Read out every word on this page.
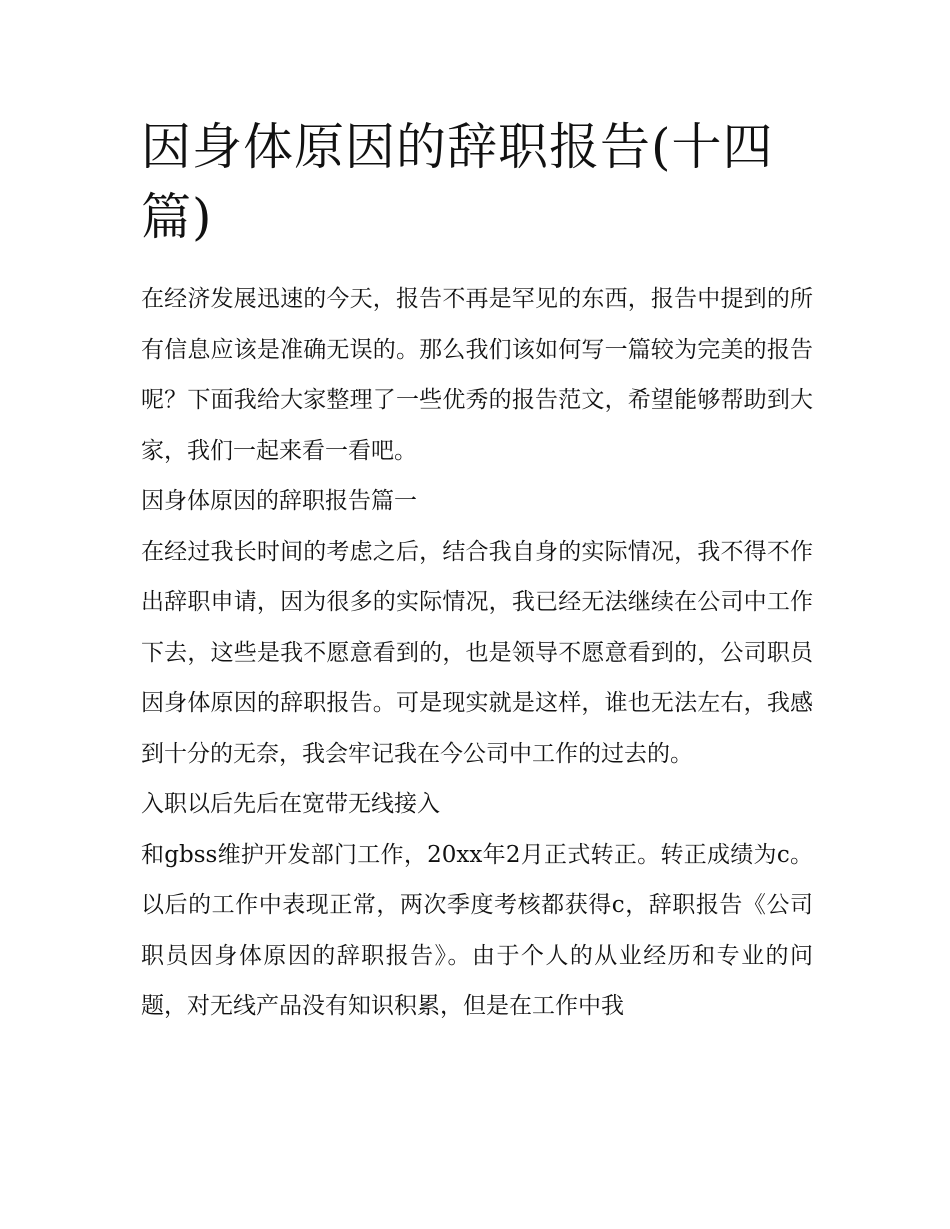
因身体原因的辞职报告(十四篇)

在经济发展迅速的今天，报告不再是罕见的东西，报告中提到的所有信息应该是准确无误的。那么我们该如何写一篇较为完美的报告呢？下面我给大家整理了一些优秀的报告范文，希望能够帮助到大家，我们一起来看一看吧。

因身体原因的辞职报告篇一

在经过我长时间的考虑之后，结合我自身的实际情况，我不得不作出辞职申请，因为很多的实际情况，我已经无法继续在公司中工作下去，这些是我不愿意看到的，也是领导不愿意看到的，公司职员因身体原因的辞职报告。可是现实就是这样，谁也无法左右，我感到十分的无奈，我会牢记我在今公司中工作的过去的。

入职以后先后在宽带无线接入

和gbss维护开发部门工作，20xx年2月正式转正。转正成绩为c。以后的工作中表现正常，两次季度考核都获得c，辞职报告《公司职员因身体原因的辞职报告》。由于个人的从业经历和专业的问题，对无线产品没有知识积累，但是在工作中我
